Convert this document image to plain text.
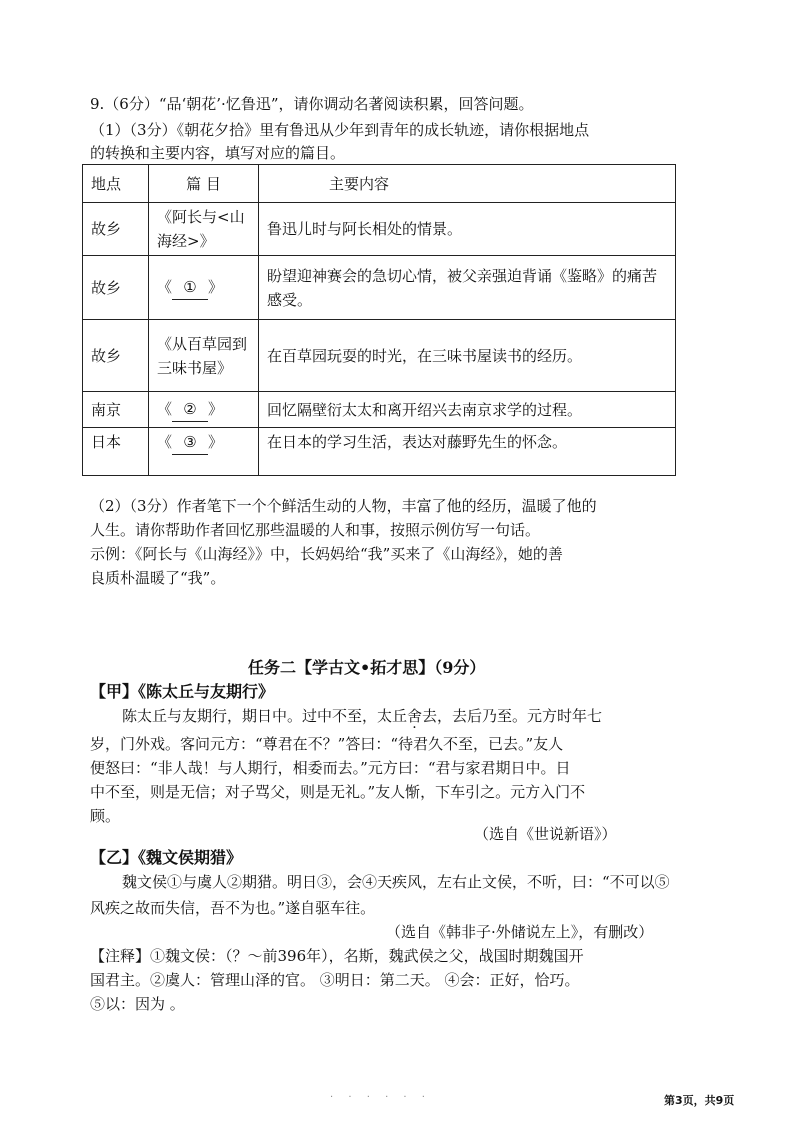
9.（6分）“品‘朝花’·忆鲁迅”，请你调动名著阅读积累，回答问题。
（1）（3分）《朝花夕拾》里有鲁迅从少年到青年的成长轨迹，请你根据地点
的转换和主要内容，填写对应的篇目。
地点	篇 目	主要内容
故乡	《阿长与<山海经>》	鲁迅儿时与阿长相处的情景。
故乡	《 ① 》	盼望迎神赛会的急切心情，被父亲强迫背诵《鉴略》的痛苦感受。
故乡	《从百草园到三味书屋》	在百草园玩耍的时光，在三味书屋读书的经历。
南京	《 ② 》	回忆隔壁衍太太和离开绍兴去南京求学的过程。
日本	《 ③ 》	在日本的学习生活，表达对藤野先生的怀念。
（2）（3分）作者笔下一个个鲜活生动的人物，丰富了他的经历，温暖了他的
人生。请你帮助作者回忆那些温暖的人和事，按照示例仿写一句话。
示例：《阿长与《山海经》》中，长妈妈给“我”买来了《山海经》，她的善
良质朴温暖了“我”。
任务二【学古文•拓才思】（9分）
【甲】《陈太丘与友期行》
陈太丘与友期行，期日中。过中不至，太丘舍去，去后乃至。元方时年七
岁，门外戏。客问元方：“尊君在不？”答曰：“待君久不至，已去。”友人
便怒曰：“非人哉！与人期行，相委而去。”元方曰：“君与家君期日中。日
中不至，则是无信；对子骂父，则是无礼。”友人惭，下车引之。元方入门不
顾。
（选自《世说新语》）
【乙】《魏文侯期猎》
魏文侯①与虞人②期猎。明日③，会④天疾风，左右止文侯，不听，曰：“不可以⑤
风疾之故而失信，吾不为也。”遂自驱车往。
（选自《韩非子·外储说左上》，有删改）
【注释】①魏文侯：（？～前396年），名斯，魏武侯之父，战国时期魏国开
国君主。②虞人：管理山泽的官。 ③明日：第二天。 ④会：正好，恰巧。
⑤以：因为 。
· · · · · ·	第3页，共9页
